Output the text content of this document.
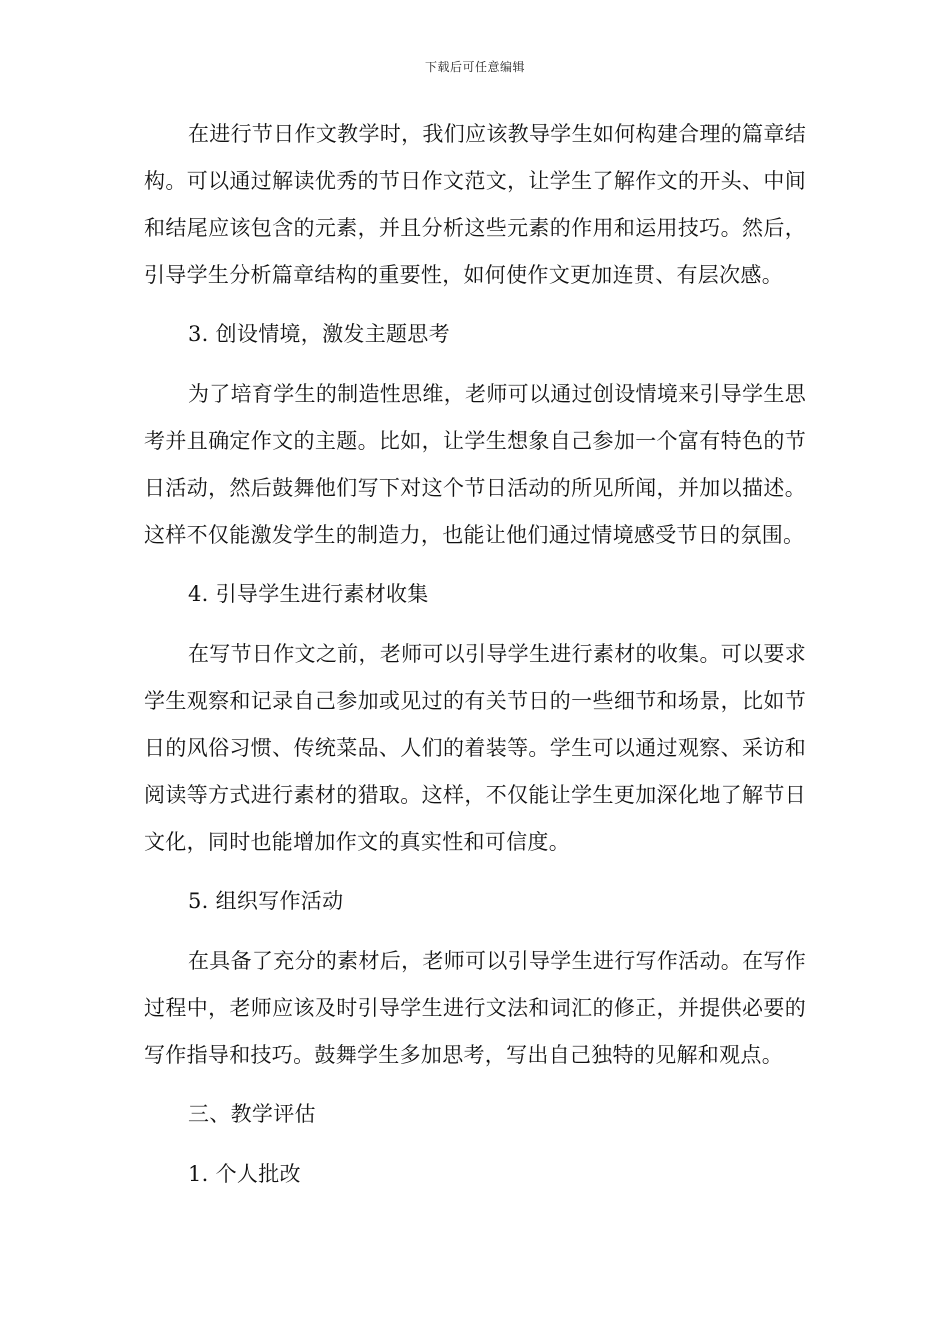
下载后可任意编辑

在进行节日作文教学时，我们应该教导学生如何构建合理的篇章结构。可以通过解读优秀的节日作文范文，让学生了解作文的开头、中间和结尾应该包含的元素，并且分析这些元素的作用和运用技巧。然后，引导学生分析篇章结构的重要性，如何使作文更加连贯、有层次感。

3. 创设情境，激发主题思考

为了培育学生的制造性思维，老师可以通过创设情境来引导学生思考并且确定作文的主题。比如，让学生想象自己参加一个富有特色的节日活动，然后鼓舞他们写下对这个节日活动的所见所闻，并加以描述。这样不仅能激发学生的制造力，也能让他们通过情境感受节日的氛围。

4. 引导学生进行素材收集

在写节日作文之前，老师可以引导学生进行素材的收集。可以要求学生观察和记录自己参加或见过的有关节日的一些细节和场景，比如节日的风俗习惯、传统菜品、人们的着装等。学生可以通过观察、采访和阅读等方式进行素材的猎取。这样，不仅能让学生更加深化地了解节日文化，同时也能增加作文的真实性和可信度。

5. 组织写作活动

在具备了充分的素材后，老师可以引导学生进行写作活动。在写作过程中，老师应该及时引导学生进行文法和词汇的修正，并提供必要的写作指导和技巧。鼓舞学生多加思考，写出自己独特的见解和观点。

三、教学评估

1. 个人批改
